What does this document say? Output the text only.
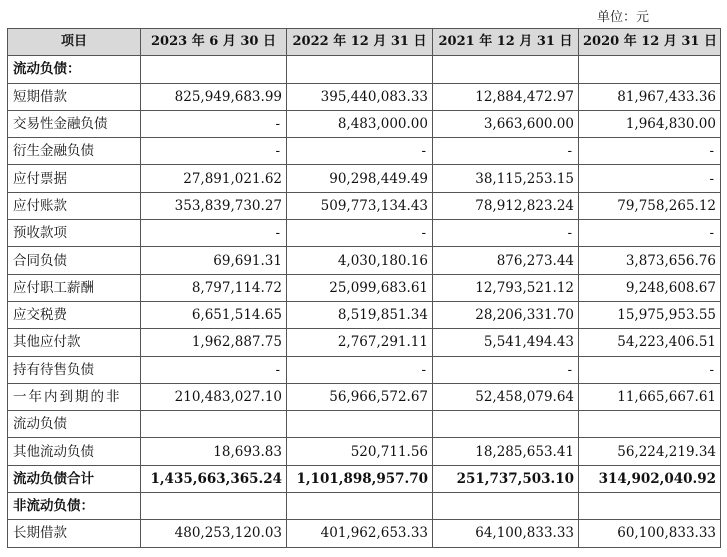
单位：元
项目	2023 年 6 月 30 日	2022 年 12 月 31 日	2021 年 12 月 31 日	2020 年 12 月 31 日
流动负债：				
短期借款	825,949,683.99	395,440,083.33	12,884,472.97	81,967,433.36
交易性金融负债	-	8,483,000.00	3,663,600.00	1,964,830.00
衍生金融负债	-	-	-	-
应付票据	27,891,021.62	90,298,449.49	38,115,253.15	-
应付账款	353,839,730.27	509,773,134.43	78,912,823.24	79,758,265.12
预收款项	-	-	-	-
合同负债	69,691.31	4,030,180.16	876,273.44	3,873,656.76
应付职工薪酬	8,797,114.72	25,099,683.61	12,793,521.12	9,248,608.67
应交税费	6,651,514.65	8,519,851.34	28,206,331.70	15,975,953.55
其他应付款	1,962,887.75	2,767,291.11	5,541,494.43	54,223,406.51
持有待售负债	-	-	-	-
一年内到期的非	210,483,027.10	56,966,572.67	52,458,079.64	11,665,667.61
流动负债				
其他流动负债	18,693.83	520,711.56	18,285,653.41	56,224,219.34
流动负债合计	1,435,663,365.24	1,101,898,957.70	251,737,503.10	314,902,040.92
非流动负债：				
长期借款	480,253,120.03	401,962,653.33	64,100,833.33	60,100,833.33
